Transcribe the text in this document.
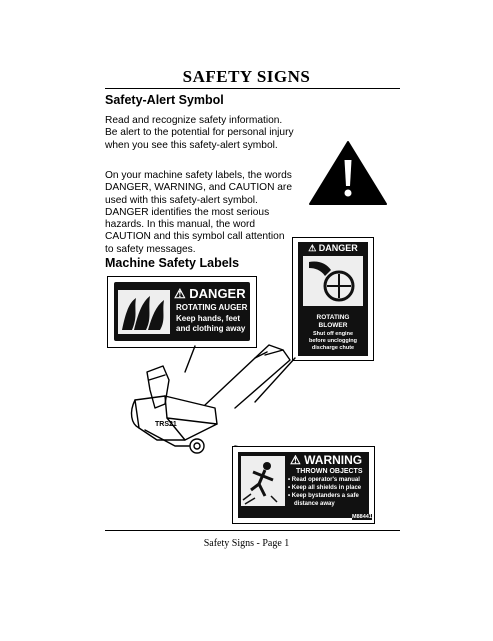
SAFETY SIGNS
Safety-Alert Symbol
Read and recognize safety information. Be alert to the potential for personal injury when you see this safety-alert symbol.
On your machine safety labels, the words DANGER, WARNING, and CAUTION are used with this safety-alert symbol. DANGER identifies the most serious hazards. In this manual, the word CAUTION and this symbol call attention to safety messages.
Machine Safety Labels
⚠ DANGER
ROTATING AUGER
Keep hands, feet
and clothing away
⚠ DANGER
ROTATING
BLOWER
Shut off engine
before unclogging
discharge chute
TRS21
⚠ WARNING
THROWN OBJECTS
• Read operator's manual
• Keep all shields in place
• Keep bystanders a safe
distance away
M88441
Safety Signs - Page 1
